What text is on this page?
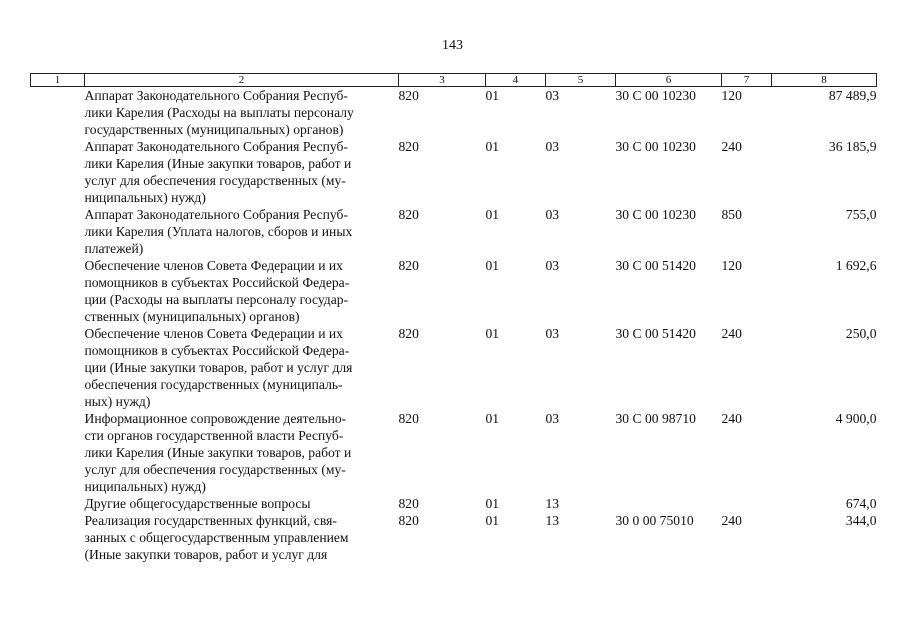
143
1	2	3	4	5	6	7	8

	Аппарат Законодательного Собрания Респуб-
лики Карелия (Расходы на выплаты персоналу
государственных (муниципальных) органов)	820	01	03	30 С 00 10230	120	87 489,9

	Аппарат Законодательного Собрания Респуб-
лики Карелия (Иные закупки товаров, работ и
услуг для обеспечения государственных (му-
ниципальных) нужд)	820	01	03	30 С 00 10230	240	36 185,9

	Аппарат Законодательного Собрания Респуб-
лики Карелия (Уплата налогов, сборов и иных
платежей)	820	01	03	30 С 00 10230	850	755,0

	Обеспечение членов Совета Федерации и их
помощников в субъектах Российской Федера-
ции (Расходы на выплаты персоналу государ-
ственных (муниципальных) органов)	820	01	03	30 С 00 51420	120	1 692,6

	Обеспечение членов Совета Федерации и их
помощников в субъектах Российской Федера-
ции (Иные закупки товаров, работ и услуг для
обеспечения государственных (муниципаль-
ных) нужд)	820	01	03	30 С 00 51420	240	250,0

	Информационное сопровождение деятельно-
сти органов государственной власти Респуб-
лики Карелия (Иные закупки товаров, работ и
услуг для обеспечения государственных (му-
ниципальных) нужд)	820	01	03	30 С 00 98710	240	4 900,0

	Другие общегосударственные вопросы	820	01	13			674,0

	Реализация государственных функций, свя-
занных с общегосударственным управлением
(Иные закупки товаров, работ и услуг для	820	01	13	30 0 00 75010	240	344,0
